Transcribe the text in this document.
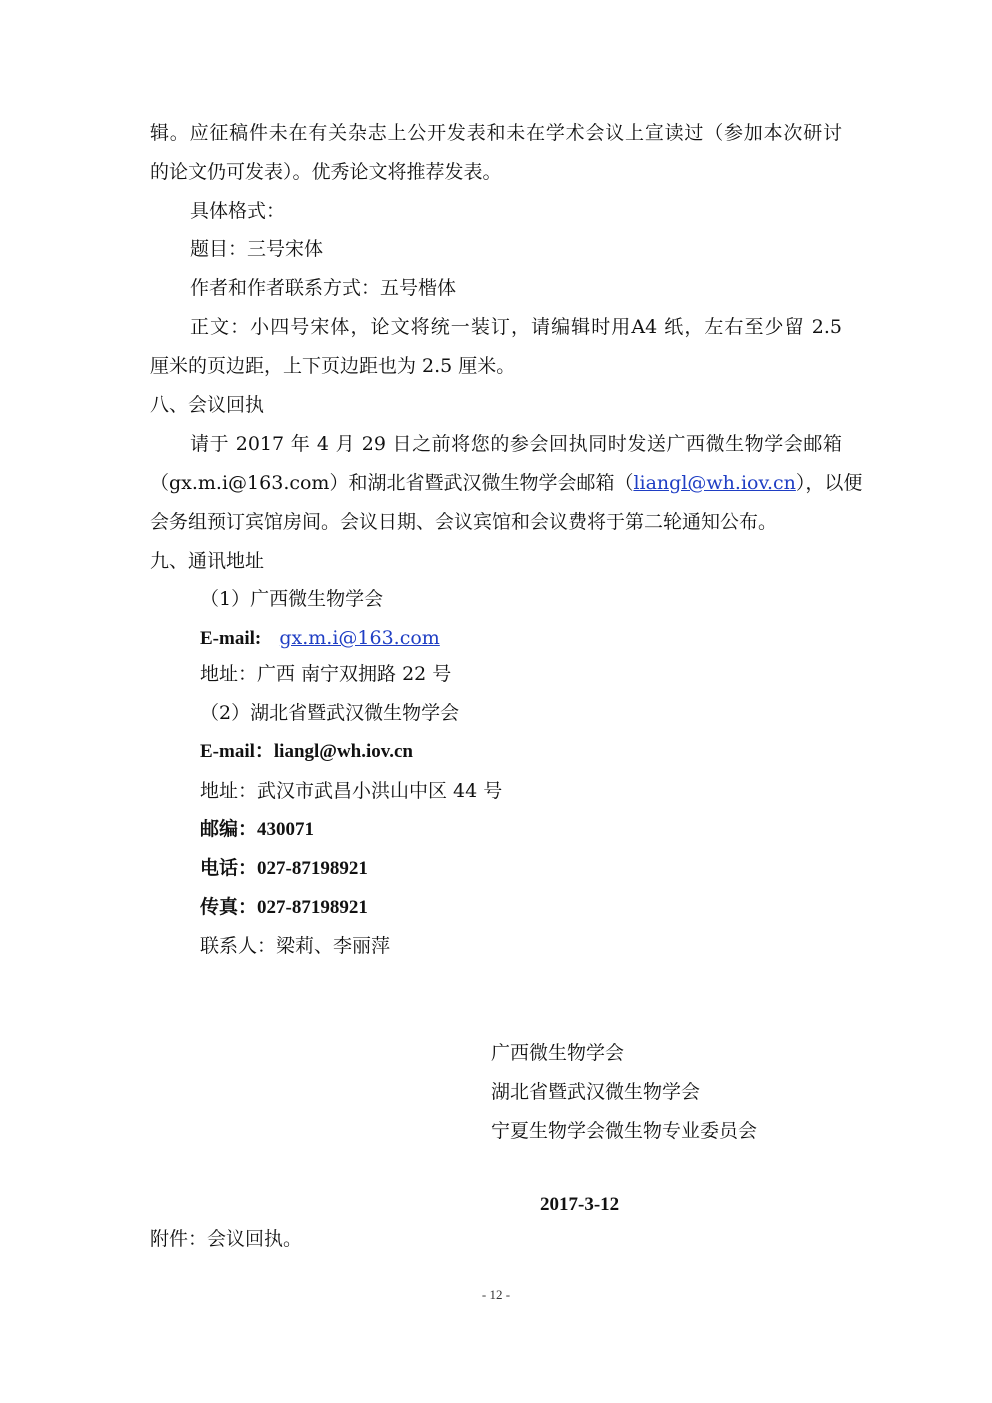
辑。应征稿件未在有关杂志上公开发表和未在学术会议上宣读过（参加本次研讨
的论文仍可发表）。优秀论文将推荐发表。
具体格式：
题目：三号宋体
作者和作者联系方式：五号楷体
正文：小四号宋体，论文将统一装订，请编辑时用A4 纸，左右至少留 2.5
厘米的页边距，上下页边距也为 2.5 厘米。
八、会议回执
请于 2017 年 4 月 29 日之前将您的参会回执同时发送广西微生物学会邮箱
（gx.m.i@163.com）和湖北省暨武汉微生物学会邮箱（liangl@wh.iov.cn），以便
会务组预订宾馆房间。会议日期、会议宾馆和会议费将于第二轮通知公布。
九、通讯地址
（1）广西微生物学会
E-mail: gx.m.i@163.com
地址：广西 南宁双拥路 22 号
（2）湖北省暨武汉微生物学会
E-mail：liangl@wh.iov.cn
地址：武汉市武昌小洪山中区 44 号
邮编：430071
电话：027-87198921
传真：027-87198921
联系人：梁莉、李丽萍
广西微生物学会
湖北省暨武汉微生物学会
宁夏生物学会微生物专业委员会
2017-3-12
附件：会议回执。
- 12 -
